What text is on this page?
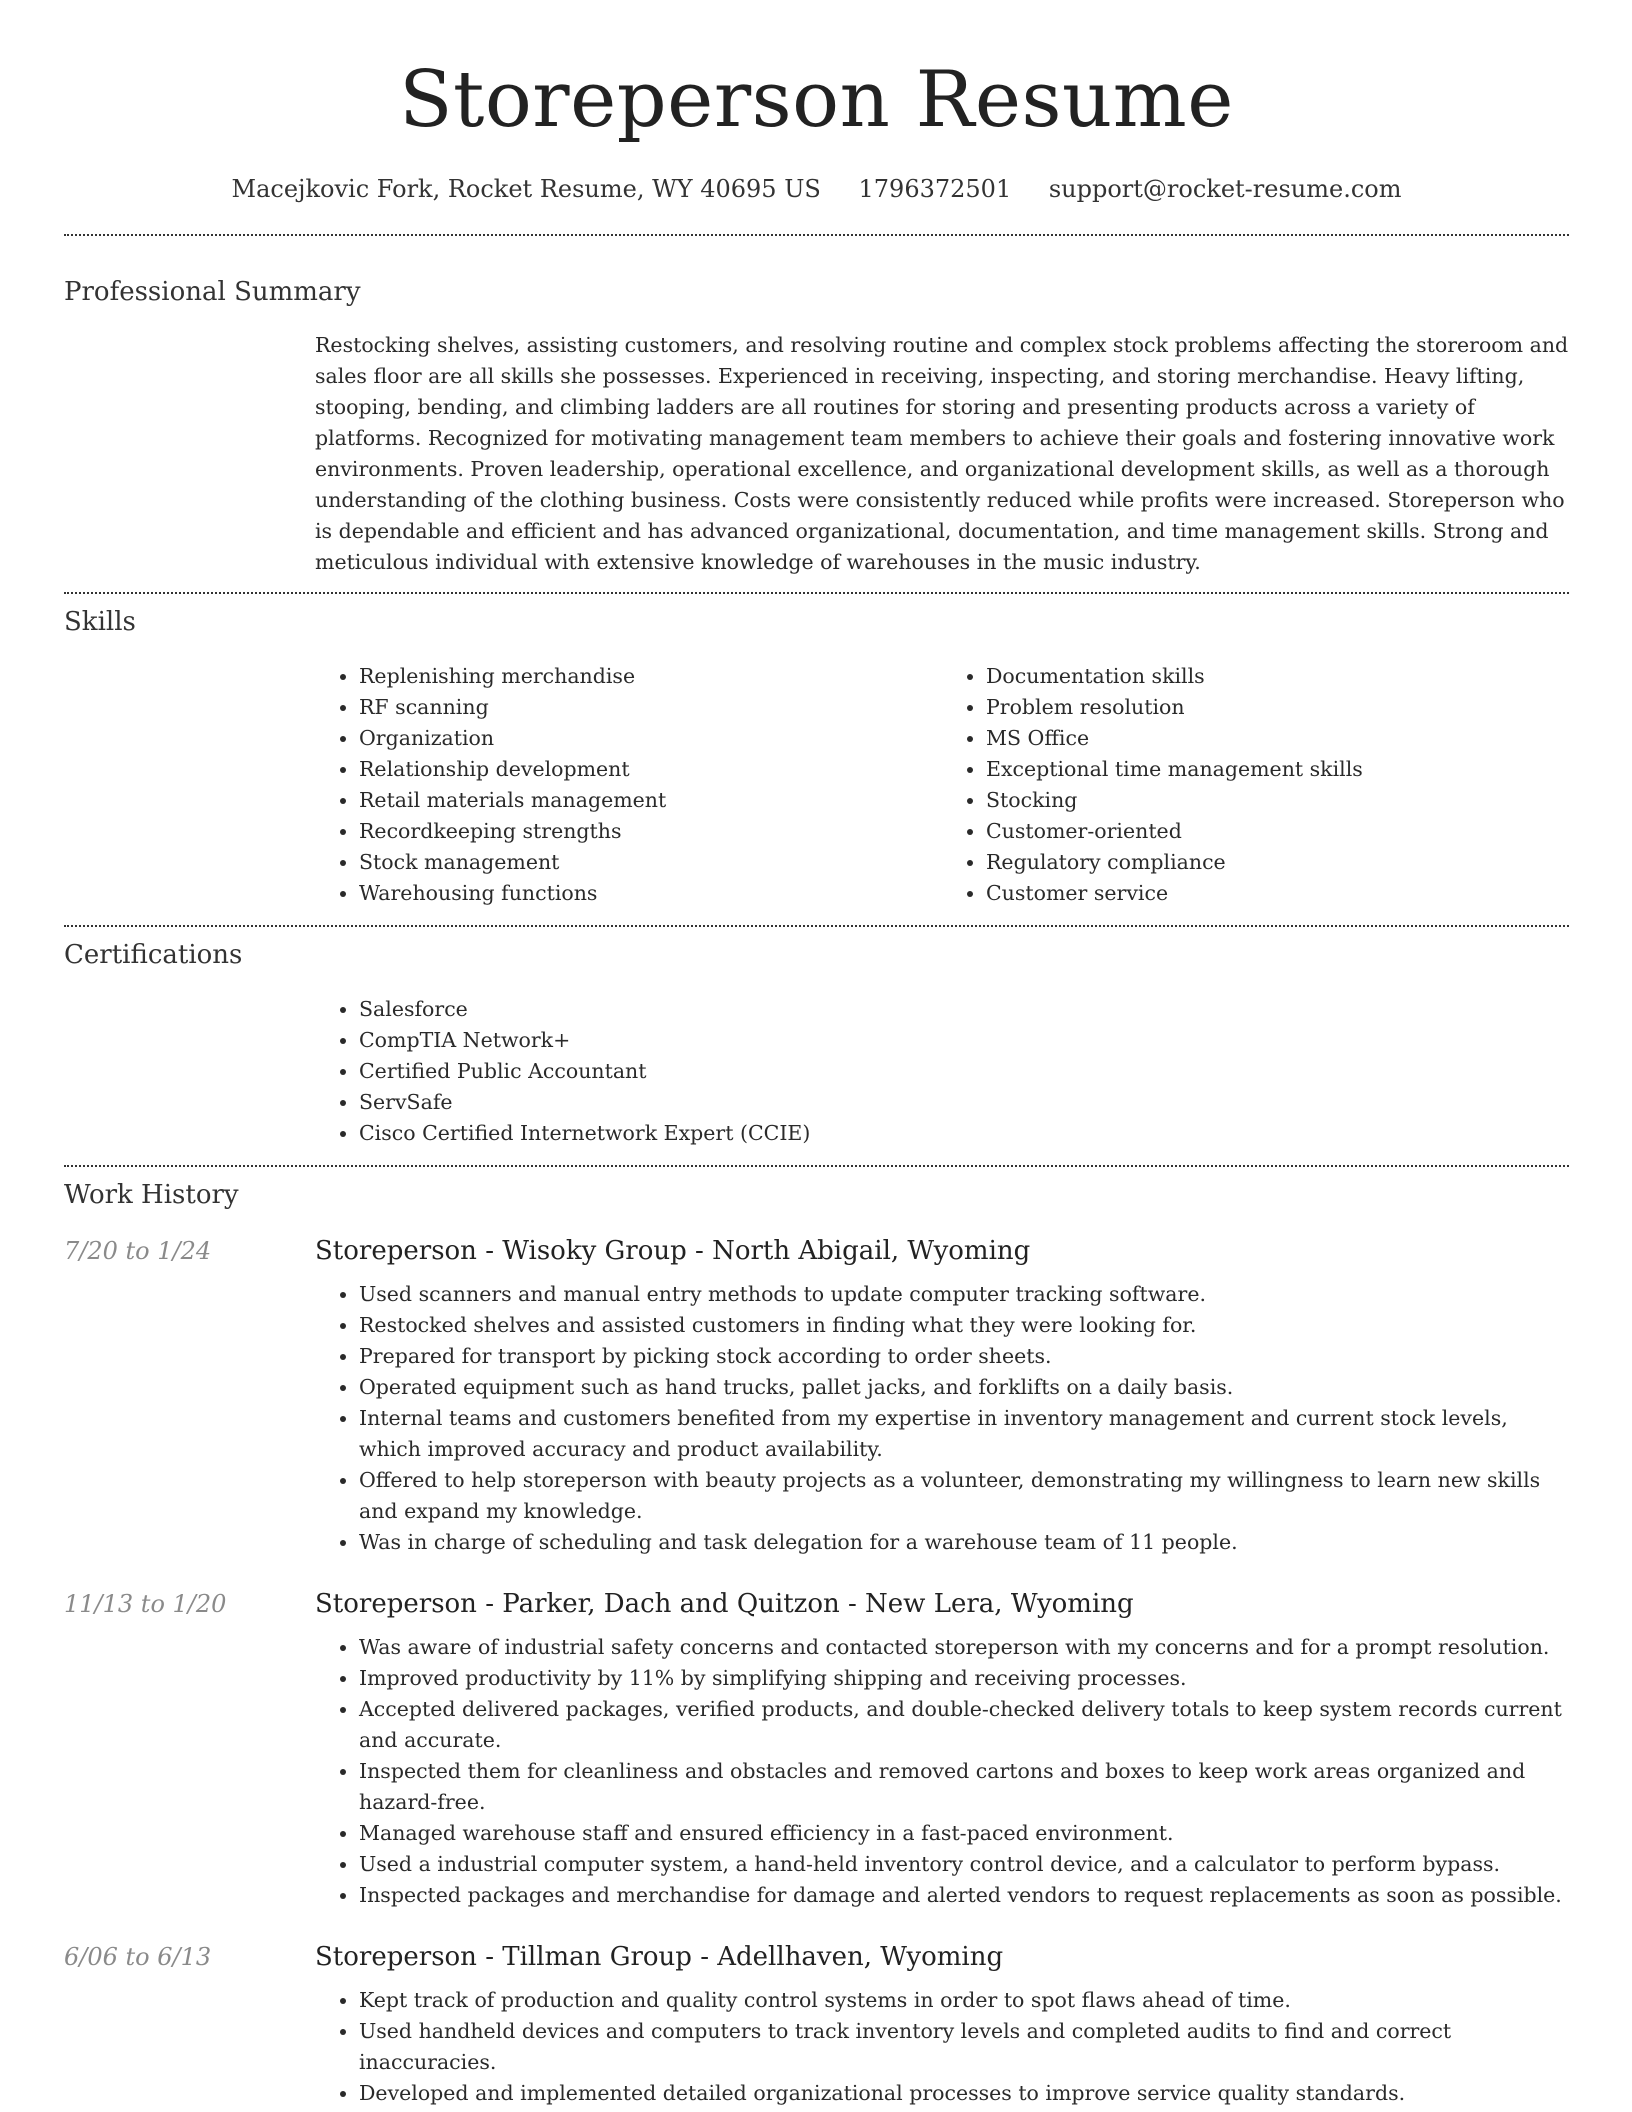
Storeperson Resume
Macejkovic Fork, Rocket Resume, WY 40695 US 1796372501 support@rocket-resume.com
Professional Summary
Restocking shelves, assisting customers, and resolving routine and complex stock problems affecting the storeroom and sales floor are all skills she possesses. Experienced in receiving, inspecting, and storing merchandise. Heavy lifting, stooping, bending, and climbing ladders are all routines for storing and presenting products across a variety of platforms. Recognized for motivating management team members to achieve their goals and fostering innovative work environments. Proven leadership, operational excellence, and organizational development skills, as well as a thorough understanding of the clothing business. Costs were consistently reduced while profits were increased. Storeperson who is dependable and efficient and has advanced organizational, documentation, and time management skills. Strong and meticulous individual with extensive knowledge of warehouses in the music industry.
Skills
• Replenishing merchandise
• RF scanning
• Organization
• Relationship development
• Retail materials management
• Recordkeeping strengths
• Stock management
• Warehousing functions
• Documentation skills
• Problem resolution
• MS Office
• Exceptional time management skills
• Stocking
• Customer-oriented
• Regulatory compliance
• Customer service
Certifications
• Salesforce
• CompTIA Network+
• Certified Public Accountant
• ServSafe
• Cisco Certified Internetwork Expert (CCIE)
Work History
7/20 to 1/24	Storeperson - Wisoky Group - North Abigail, Wyoming
• Used scanners and manual entry methods to update computer tracking software.
• Restocked shelves and assisted customers in finding what they were looking for.
• Prepared for transport by picking stock according to order sheets.
• Operated equipment such as hand trucks, pallet jacks, and forklifts on a daily basis.
• Internal teams and customers benefited from my expertise in inventory management and current stock levels, which improved accuracy and product availability.
• Offered to help storeperson with beauty projects as a volunteer, demonstrating my willingness to learn new skills and expand my knowledge.
• Was in charge of scheduling and task delegation for a warehouse team of 11 people.
11/13 to 1/20	Storeperson - Parker, Dach and Quitzon - New Lera, Wyoming
• Was aware of industrial safety concerns and contacted storeperson with my concerns and for a prompt resolution.
• Improved productivity by 11% by simplifying shipping and receiving processes.
• Accepted delivered packages, verified products, and double-checked delivery totals to keep system records current and accurate.
• Inspected them for cleanliness and obstacles and removed cartons and boxes to keep work areas organized and hazard-free.
• Managed warehouse staff and ensured efficiency in a fast-paced environment.
• Used a industrial computer system, a hand-held inventory control device, and a calculator to perform bypass.
• Inspected packages and merchandise for damage and alerted vendors to request replacements as soon as possible.
6/06 to 6/13	Storeperson - Tillman Group - Adellhaven, Wyoming
• Kept track of production and quality control systems in order to spot flaws ahead of time.
• Used handheld devices and computers to track inventory levels and completed audits to find and correct inaccuracies.
• Developed and implemented detailed organizational processes to improve service quality standards.
